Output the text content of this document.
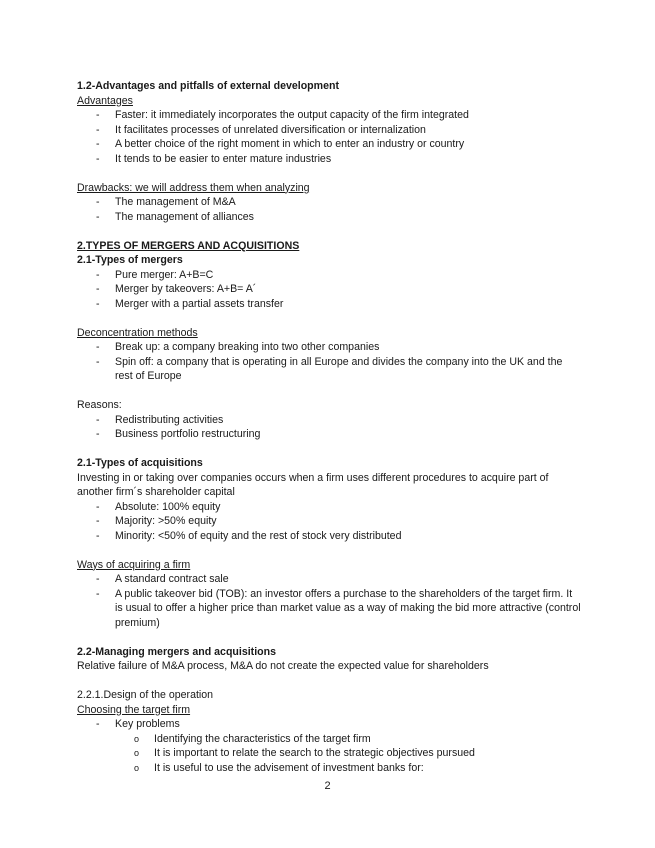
1.2-Advantages and pitfalls of external development
Advantages
- Faster: it immediately incorporates the output capacity of the firm integrated
- It facilitates processes of unrelated diversification or internalization
- A better choice of the right moment in which to enter an industry or country
- It tends to be easier to enter mature industries
Drawbacks: we will address them when analyzing
- The management of M&A
- The management of alliances
2.TYPES OF MERGERS AND ACQUISITIONS
2.1-Types of mergers
- Pure merger: A+B=C
- Merger by takeovers: A+B= A´
- Merger with a partial assets transfer
Deconcentration methods
- Break up: a company breaking into two other companies
- Spin off: a company that is operating in all Europe and divides the company into the UK and the rest of Europe
Reasons:
- Redistributing activities
- Business portfolio restructuring
2.1-Types of acquisitions
Investing in or taking over companies occurs when a firm uses different procedures to acquire part of another firm´s shareholder capital
- Absolute: 100% equity
- Majority: >50% equity
- Minority: <50% of equity and the rest of stock very distributed
Ways of acquiring a firm
- A standard contract sale
- A public takeover bid (TOB): an investor offers a purchase to the shareholders of the target firm. It is usual to offer a higher price than market value as a way of making the bid more attractive (control premium)
2.2-Managing mergers and acquisitions
Relative failure of M&A process, M&A do not create the expected value for shareholders
2.2.1.Design of the operation
Choosing the target firm
- Key problems
o Identifying the characteristics of the target firm
o It is important to relate the search to the strategic objectives pursued
o It is useful to use the advisement of investment banks for:
2
